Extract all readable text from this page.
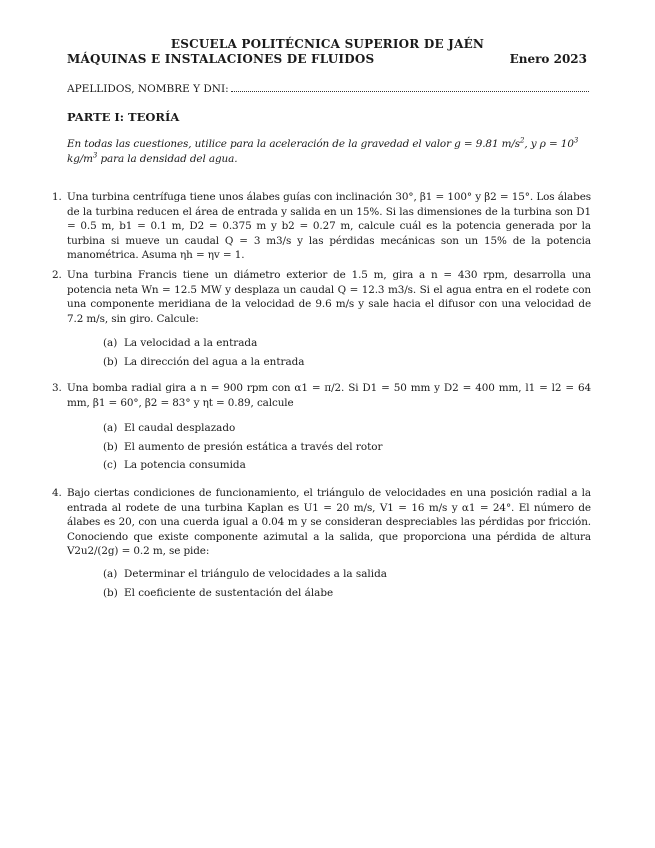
ESCUELA POLITÉCNICA SUPERIOR DE JAÉN
MÁQUINAS E INSTALACIONES DE FLUIDOS	Enero 2023
APELLIDOS, NOMBRE Y DNI:
PARTE I: TEORÍA
En todas las cuestiones, utilice para la aceleración de la gravedad el valor g = 9.81 $m/s^2$, y $\rho = 10^3$ $kg/m^3$ para la densidad del agua.
Una turbina centrífuga tiene unos álabes guías con inclinación 30°, β1 = 100° y β2 = 15°. Los álabes de la turbina reducen el área de entrada y salida en un 15%. Si las dimensiones de la turbina son D1 = 0.5 m, b1 = 0.1 m, D2 = 0.375 m y b2 = 0.27 m, calcule cuál es la potencia generada por la turbina si mueve un caudal Q = 3 m3/s y las pérdidas mecánicas son un 15% de la potencia manométrica. Asuma ηh = ηv = 1.
1.
Una turbina Francis tiene un diámetro exterior de 1.5 m, gira a n = 430 rpm, desarrolla una potencia neta Wn = 12.5 MW y desplaza un caudal Q = 12.3 m3/s. Si el agua entra en el rodete con una componente meridiana de la velocidad de 9.6 m/s y sale hacia el difusor con una velocidad de 7.2 m/s, sin giro. Calcule:
2.
(a) La velocidad a la entrada
(b) La dirección del agua a la entrada
Una bomba radial gira a n = 900 rpm con α1 = π/2. Si D1 = 50 mm y D2 = 400 mm, l1 = l2 = 64 mm, β1 = 60°, β2 = 83° y ηt = 0.89, calcule
3.
(a) El caudal desplazado
(b) El aumento de presión estática a través del rotor
(c) La potencia consumida
Bajo ciertas condiciones de funcionamiento, el triángulo de velocidades en una posición radial a la entrada al rodete de una turbina Kaplan es U1 = 20 m/s, V1 = 16 m/s y α1 = 24°. El número de álabes es 20, con una cuerda igual a 0.04 m y se consideran despreciables las pérdidas por fricción. Conociendo que existe componente azimutal a la salida, que proporciona una pérdida de altura V2u2/(2g) = 0.2 m, se pide:
4.
(a) Determinar el triángulo de velocidades a la salida
(b) El coeficiente de sustentación del álabe
